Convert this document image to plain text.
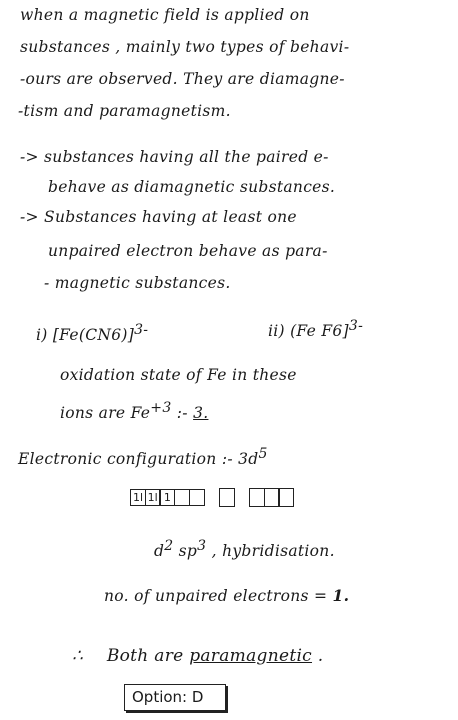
when a magnetic field is applied on
substances , mainly two types of behavi-
-ours are observed. They are diamagne-
-tism and paramagnetism.
-> substances having all the paired e-
behave as diamagnetic substances.
-> Substances having at least one
unpaired electron behave as para-
- magnetic substances.
i) $[Fe(CN6)]^{3-}$	ii) (Fe F6]$^{3-}$
oxidation state of Fe in these
ions are $Fe^{+3}$ :- 3.
Electronic configuration :- $3d^5$
1l 1l 1
$d^2$ $sp^3$ , hybridisation.
no. of unpaired electrons = 1.
∴ Both are paramagnetic .
Option: D
